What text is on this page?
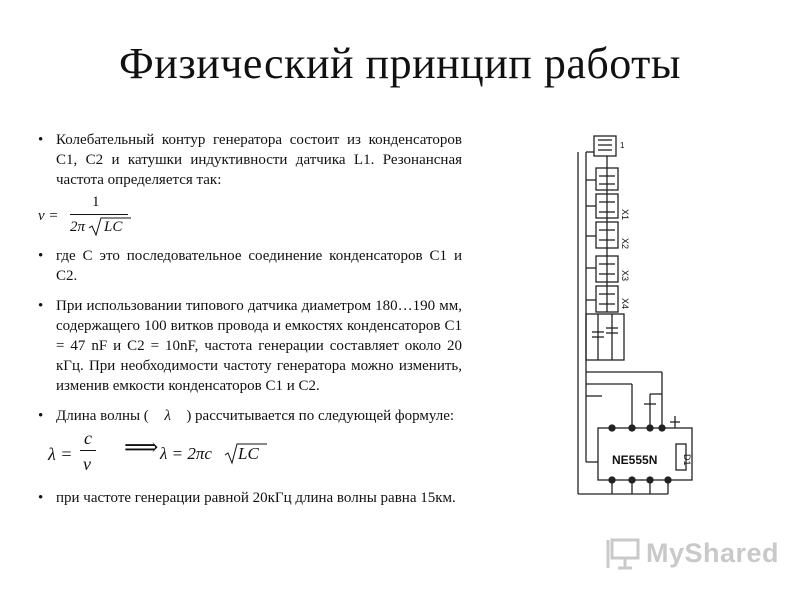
Физический принцип работы
• Колебательный контур генератора состоит из конденсаторов С1, С2 и катушки индуктивности датчика L1. Резонансная частота определяется так:
ν =
1
2π LC
• где С это последовательное соединение конденсаторов С1 и С2.
• При использовании типового датчика диаметром 180…190 мм, содержащего 100 витков провода и емкостях конденсаторов С1 = 47 nF и С2 = 10nF, частота генерации составляет около 20 кГц. При необходимости частоту генератора можно изменить, изменив емкости конденсаторов С1 и С2.
• Длина волны ( λ ) рассчитывается по следующей формуле:
λ =
c
ν
⟹ λ = 2πc LC
• при частоте генерации равной 20кГц длина волны равна 15км.
1
X1
X2
X3
X4
NE555N	D1
MyShared
